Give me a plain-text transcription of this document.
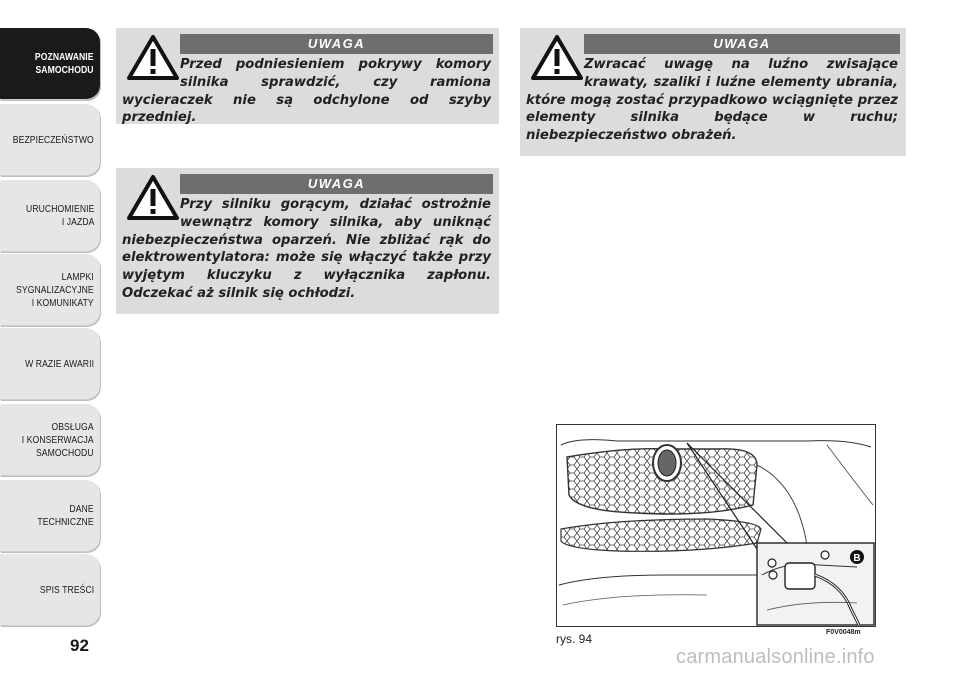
POZNAWANIE
SAMOCHODU
BEZPIECZEŃSTWO
URUCHOMIENIE
I JAZDA
LAMPKI
SYGNALIZACYJNE
I KOMUNIKATY
W RAZIE AWARII
OBSŁUGA
I KONSERWACJA
SAMOCHODU
DANE
TECHNICZNE
SPIS TREŚCI
92
UWAGA

Przed podniesieniem pokrywy komory silnika sprawdzić, czy ramiona wycieraczek nie są odchylone od szyby przedniej.

UWAGA

Przy silniku gorącym, działać ostrożnie wewnątrz komory silnika, aby uniknąć niebezpieczeństwa oparzeń. Nie zbliżać rąk do elektrowentylatora: może się włączyć także przy wyjętym kluczyku z wyłącznika zapłonu. Odczekać aż silnik się ochłodzi.

UWAGA

Zwracać uwagę na luźno zwisające krawaty, szaliki i luźne elementy ubrania, które mogą zostać przypadkowo wciągnięte przez elementy silnika będące w ruchu; niebezpieczeństwo obrażeń.

B
rys. 94	F0V0048m
carmanualsonline.info
